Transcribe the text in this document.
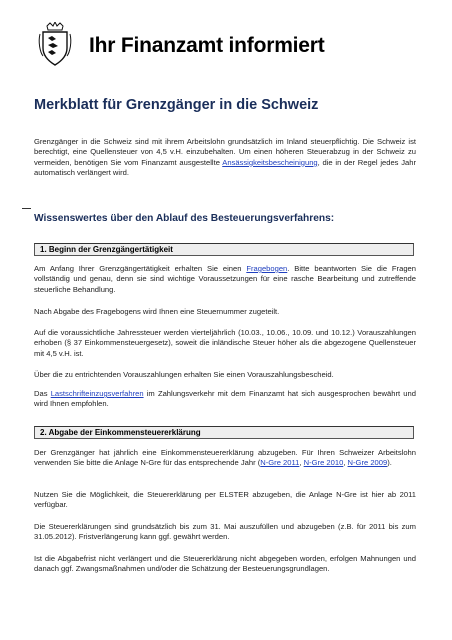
Ihr Finanzamt informiert
Merkblatt für Grenzgänger in die Schweiz

Grenzgänger in die Schweiz sind mit ihrem Arbeitslohn grundsätzlich im Inland steuerpflichtig. Die Schweiz ist berechtigt, eine Quellensteuer von 4,5 v.H. einzubehalten. Um einen höheren Steuerabzug in der Schweiz zu vermeiden, benötigen Sie vom Finanzamt ausgestellte Ansässigkeitsbescheinigung, die in der Regel jedes Jahr automatisch verlängert wird.

Wissenswertes über den Ablauf des Besteuerungsverfahrens:
1. Beginn der Grenzgängertätigkeit

Am Anfang Ihrer Grenzgängertätigkeit erhalten Sie einen Fragebogen. Bitte beantworten Sie die Fragen vollständig und genau, denn sie sind wichtige Voraussetzungen für eine rasche Bearbeitung und zutreffende steuerliche Behandlung.

Nach Abgabe des Fragebogens wird Ihnen eine Steuernummer zugeteilt.

Auf die voraussichtliche Jahressteuer werden vierteljährlich (10.03., 10.06., 10.09. und 10.12.) Vorauszahlungen erhoben (§ 37 Einkommensteuergesetz), soweit die inländische Steuer höher als die abgezogene Quellensteuer mit 4,5 v.H. ist.

Über die zu entrichtenden Vorauszahlungen erhalten Sie einen Vorauszahlungsbescheid.

Das Lastschrifteinzugsverfahren im Zahlungsverkehr mit dem Finanzamt hat sich ausgesprochen bewährt und wird Ihnen empfohlen.

2. Abgabe der Einkommensteuererklärung

Der Grenzgänger hat jährlich eine Einkommensteuererklärung abzugeben. Für Ihren Schweizer Arbeitslohn verwenden Sie bitte die Anlage N-Gre für das entsprechende Jahr (N-Gre 2011, N-Gre 2010, N-Gre 2009).

Nutzen Sie die Möglichkeit, die Steuererklärung per ELSTER abzugeben, die Anlage N-Gre ist hier ab 2011 verfügbar.

Die Steuererklärungen sind grundsätzlich bis zum 31. Mai auszufüllen und abzugeben (z.B. für 2011 bis zum 31.05.2012). Fristverlängerung kann ggf. gewährt werden.

Ist die Abgabefrist nicht verlängert und die Steuererklärung nicht abgegeben worden, erfolgen Mahnungen und danach ggf. Zwangsmaßnahmen und/oder die Schätzung der Besteuerungsgrundlagen.
